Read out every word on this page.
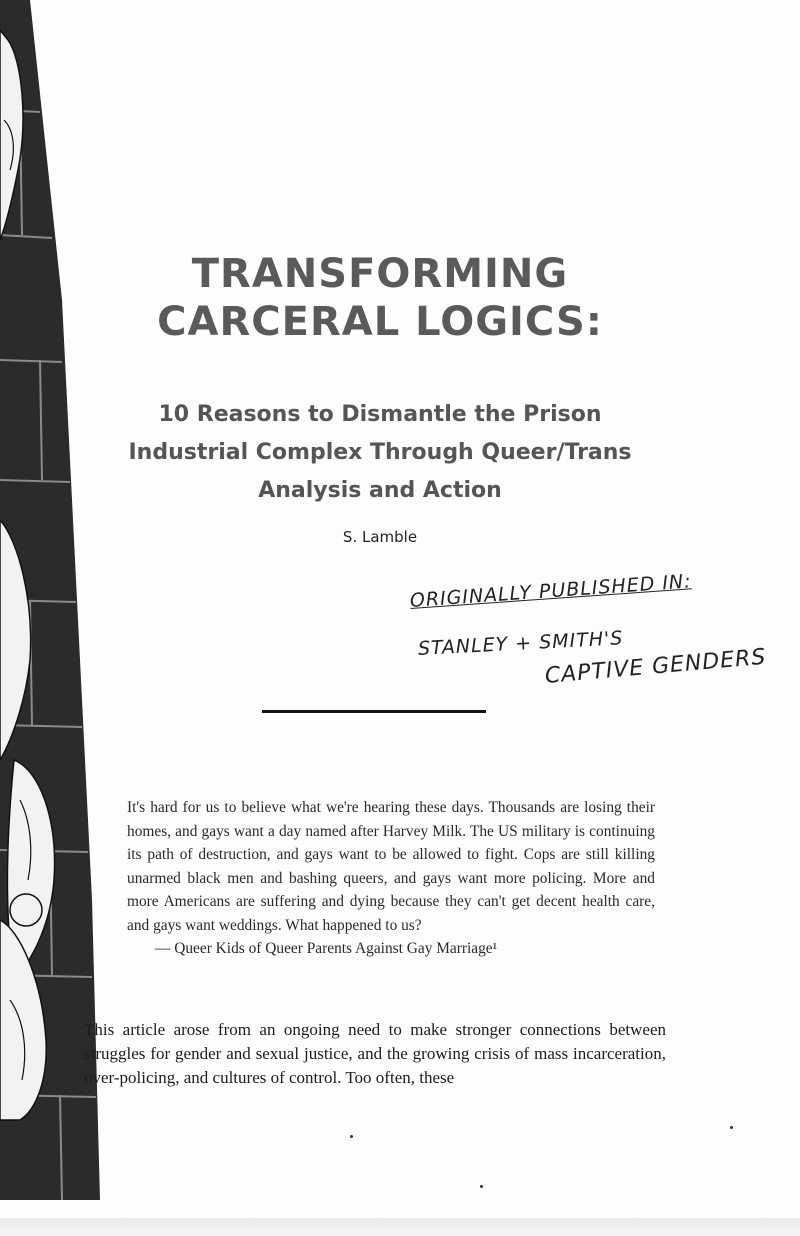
TRANSFORMING
CARCERAL LOGICS:
10 Reasons to Dismantle the Prison
Industrial Complex Through Queer/Trans
Analysis and Action
S. Lamble
ORIGINALLY PUBLISHED IN:
STANLEY + SMITH'S
CAPTIVE GENDERS

It's hard for us to believe what we're hearing these days. Thousands are losing their homes, and gays want a day named after Harvey Milk. The US military is continuing its path of destruction, and gays want to be allowed to fight. Cops are still killing unarmed black men and bashing queers, and gays want more policing. More and more Americans are suffering and dying because they can't get decent health care, and gays want weddings. What happened to us?

— Queer Kids of Queer Parents Against Gay Marriage¹

This article arose from an ongoing need to make stronger connections between struggles for gender and sexual justice, and the growing crisis of mass incarceration, over-policing, and cultures of control. Too often, these
